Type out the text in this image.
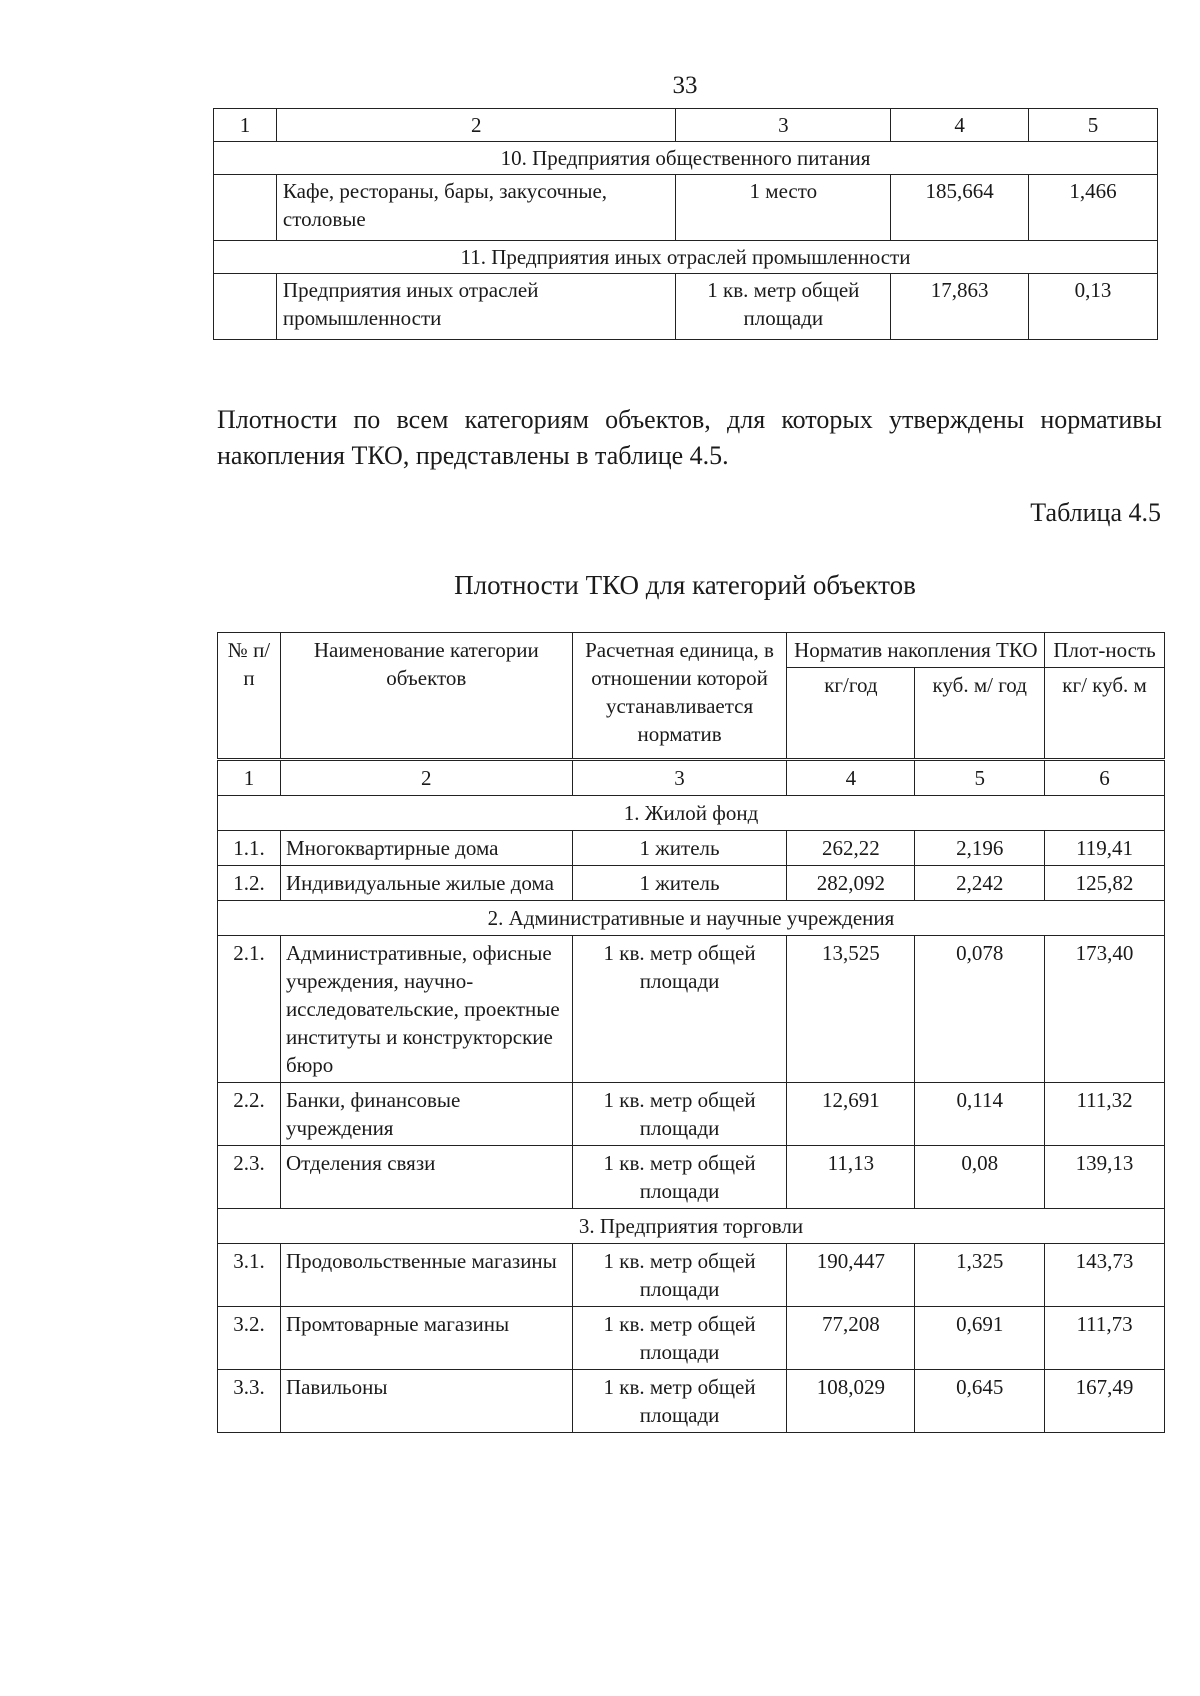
33
1	2	3	4	5
10. Предприятия общественного питания				
	Кафе, рестораны, бары, закусочные, столовые	1 место	185,664	1,466
11. Предприятия иных отраслей промышленности				
	Предприятия иных отраслей промышленности	1 кв. метр общей площади	17,863	0,13
Плотности по всем категориям объектов, для которых утверждены нормативы накопления ТКО, представлены в таблице 4.5.
Таблица 4.5
Плотности ТКО для категорий объектов
№ п/п	Наименование категории объектов	Расчетная единица, в отношении которой устанавливается норматив	Норматив накопления ТКО		Плот-ность
			кг/год	куб. м/ год	кг/ куб. м
1	2	3	4	5	6
1. Жилой фонд					
1.1.	Многоквартирные дома	1 житель	262,22	2,196	119,41
1.2.	Индивидуальные жилые дома	1 житель	282,092	2,242	125,82
2. Административные и научные учреждения					
2.1.	Административные, офисные учреждения, научно-исследовательские, проектные институты и конструкторские бюро	1 кв. метр общей площади	13,525	0,078	173,40
2.2.	Банки, финансовые учреждения	1 кв. метр общей площади	12,691	0,114	111,32
2.3.	Отделения связи	1 кв. метр общей площади	11,13	0,08	139,13
3. Предприятия торговли					
3.1.	Продовольственные магазины	1 кв. метр общей площади	190,447	1,325	143,73
3.2.	Промтоварные магазины	1 кв. метр общей площади	77,208	0,691	111,73
3.3.	Павильоны	1 кв. метр общей площади	108,029	0,645	167,49
